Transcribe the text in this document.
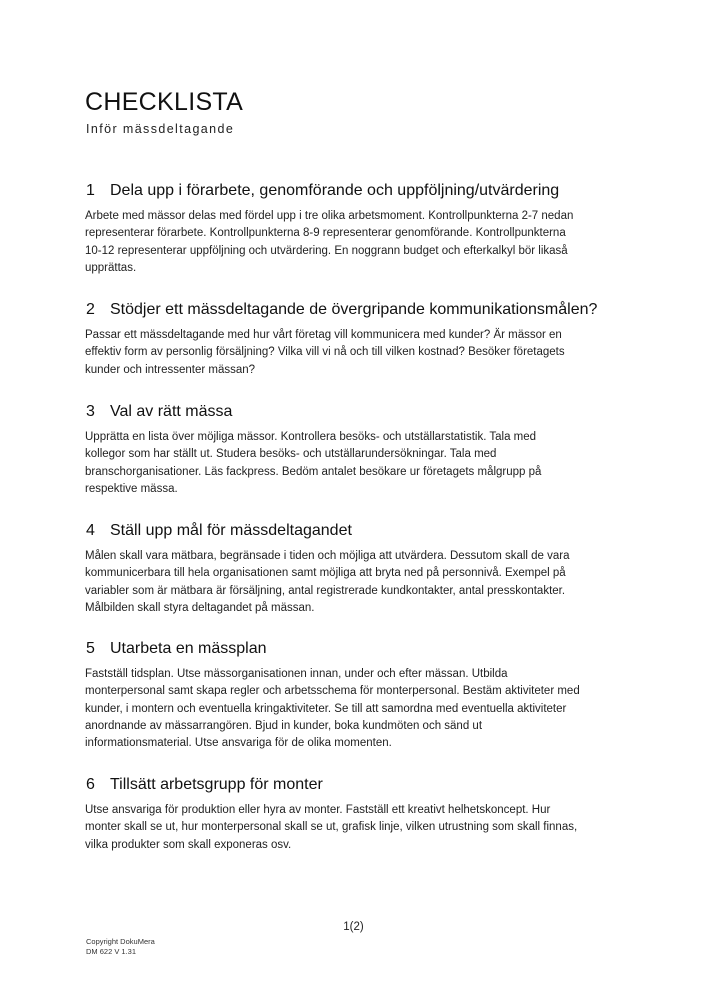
CHECKLISTA
Inför mässdeltagande
1 Dela upp i förarbete, genomförande och uppföljning/utvärdering
Arbete med mässor delas med fördel upp i tre olika arbetsmoment. Kontrollpunkterna 2-7 nedan
representerar förarbete. Kontrollpunkterna 8-9 representerar genomförande. Kontrollpunkterna
10-12 representerar uppföljning och utvärdering. En noggrann budget och efterkalkyl bör likaså
upprättas.
2 Stödjer ett mässdeltagande de övergripande kommunikationsmålen?
Passar ett mässdeltagande med hur vårt företag vill kommunicera med kunder? Är mässor en
effektiv form av personlig försäljning? Vilka vill vi nå och till vilken kostnad? Besöker företagets
kunder och intressenter mässan?
3 Val av rätt mässa
Upprätta en lista över möjliga mässor. Kontrollera besöks- och utställarstatistik. Tala med
kollegor som har ställt ut. Studera besöks- och utställarundersökningar. Tala med
branschorganisationer. Läs fackpress. Bedöm antalet besökare ur företagets målgrupp på
respektive mässa.
4 Ställ upp mål för mässdeltagandet
Målen skall vara mätbara, begränsade i tiden och möjliga att utvärdera. Dessutom skall de vara
kommunicerbara till hela organisationen samt möjliga att bryta ned på personnivå. Exempel på
variabler som är mätbara är försäljning, antal registrerade kundkontakter, antal presskontakter.
Målbilden skall styra deltagandet på mässan.
5 Utarbeta en mässplan
Fastställ tidsplan. Utse mässorganisationen innan, under och efter mässan. Utbilda
monterpersonal samt skapa regler och arbetsschema för monterpersonal. Bestäm aktiviteter med
kunder, i montern och eventuella kringaktiviteter. Se till att samordna med eventuella aktiviteter
anordnande av mässarrangören. Bjud in kunder, boka kundmöten och sänd ut
informationsmaterial. Utse ansvariga för de olika momenten.
6 Tillsätt arbetsgrupp för monter
Utse ansvariga för produktion eller hyra av monter. Fastställ ett kreativt helhetskoncept. Hur
monter skall se ut, hur monterpersonal skall se ut, grafisk linje, vilken utrustning som skall finnas,
vilka produkter som skall exponeras osv.
1(2)
Copyright DokuMera
DM 622 V 1.31
